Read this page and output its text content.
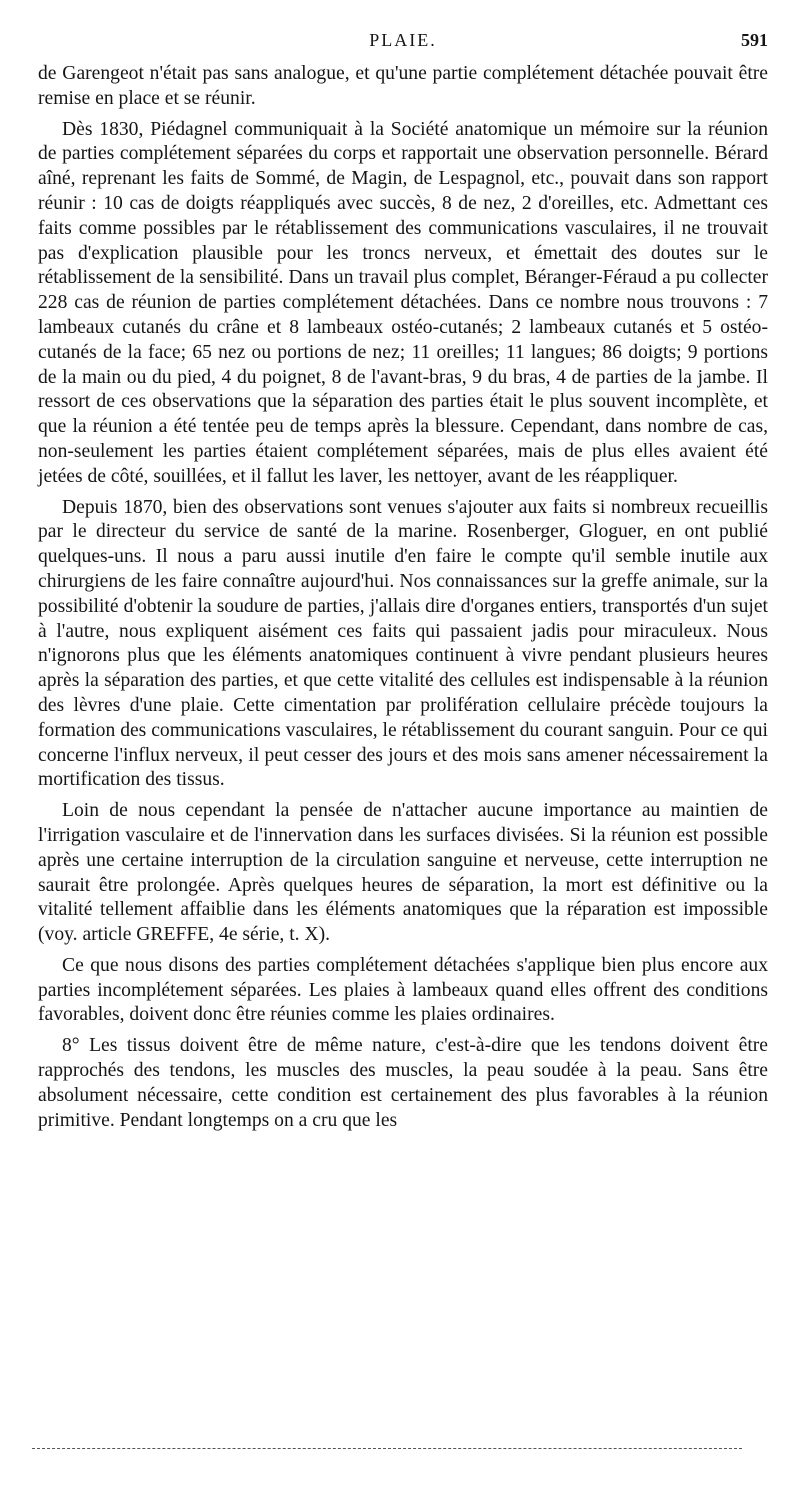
PLAIE.	591

de Garengeot n'était pas sans analogue, et qu'une partie complétement détachée pouvait être remise en place et se réunir.

Dès 1830, Piédagnel communiquait à la Société anatomique un mémoire sur la réunion de parties complétement séparées du corps et rapportait une observation personnelle. Bérard aîné, reprenant les faits de Sommé, de Magin, de Lespagnol, etc., pouvait dans son rapport réunir : 10 cas de doigts réappliqués avec succès, 8 de nez, 2 d'oreilles, etc. Admettant ces faits comme possibles par le rétablissement des communications vasculaires, il ne trouvait pas d'explication plausible pour les troncs nerveux, et émettait des doutes sur le rétablissement de la sensibilité. Dans un travail plus complet, Béranger-Féraud a pu collecter 228 cas de réunion de parties complétement détachées. Dans ce nombre nous trouvons : 7 lambeaux cutanés du crâne et 8 lambeaux ostéo-cutanés; 2 lambeaux cutanés et 5 ostéo-cutanés de la face; 65 nez ou portions de nez; 11 oreilles; 11 langues; 86 doigts; 9 portions de la main ou du pied, 4 du poignet, 8 de l'avant-bras, 9 du bras, 4 de parties de la jambe. Il ressort de ces observations que la séparation des parties était le plus souvent incomplète, et que la réunion a été tentée peu de temps après la blessure. Cependant, dans nombre de cas, non-seulement les parties étaient complétement séparées, mais de plus elles avaient été jetées de côté, souillées, et il fallut les laver, les nettoyer, avant de les réappliquer.

Depuis 1870, bien des observations sont venues s'ajouter aux faits si nombreux recueillis par le directeur du service de santé de la marine. Rosenberger, Gloguer, en ont publié quelques-uns. Il nous a paru aussi inutile d'en faire le compte qu'il semble inutile aux chirurgiens de les faire connaître aujourd'hui. Nos connaissances sur la greffe animale, sur la possibilité d'obtenir la soudure de parties, j'allais dire d'organes entiers, transportés d'un sujet à l'autre, nous expliquent aisément ces faits qui passaient jadis pour miraculeux. Nous n'ignorons plus que les éléments anatomiques continuent à vivre pendant plusieurs heures après la séparation des parties, et que cette vitalité des cellules est indispensable à la réunion des lèvres d'une plaie. Cette cimentation par prolifération cellulaire précède toujours la formation des communications vasculaires, le rétablissement du courant sanguin. Pour ce qui concerne l'influx nerveux, il peut cesser des jours et des mois sans amener nécessairement la mortification des tissus.

Loin de nous cependant la pensée de n'attacher aucune importance au maintien de l'irrigation vasculaire et de l'innervation dans les surfaces divisées. Si la réunion est possible après une certaine interruption de la circulation sanguine et nerveuse, cette interruption ne saurait être prolongée. Après quelques heures de séparation, la mort est définitive ou la vitalité tellement affaiblie dans les éléments anatomiques que la réparation est impossible (voy. article GREFFE, 4e série, t. X).

Ce que nous disons des parties complétement détachées s'applique bien plus encore aux parties incomplétement séparées. Les plaies à lambeaux quand elles offrent des conditions favorables, doivent donc être réunies comme les plaies ordinaires.

8° Les tissus doivent être de même nature, c'est-à-dire que les tendons doivent être rapprochés des tendons, les muscles des muscles, la peau soudée à la peau. Sans être absolument nécessaire, cette condition est certainement des plus favorables à la réunion primitive. Pendant longtemps on a cru que les
